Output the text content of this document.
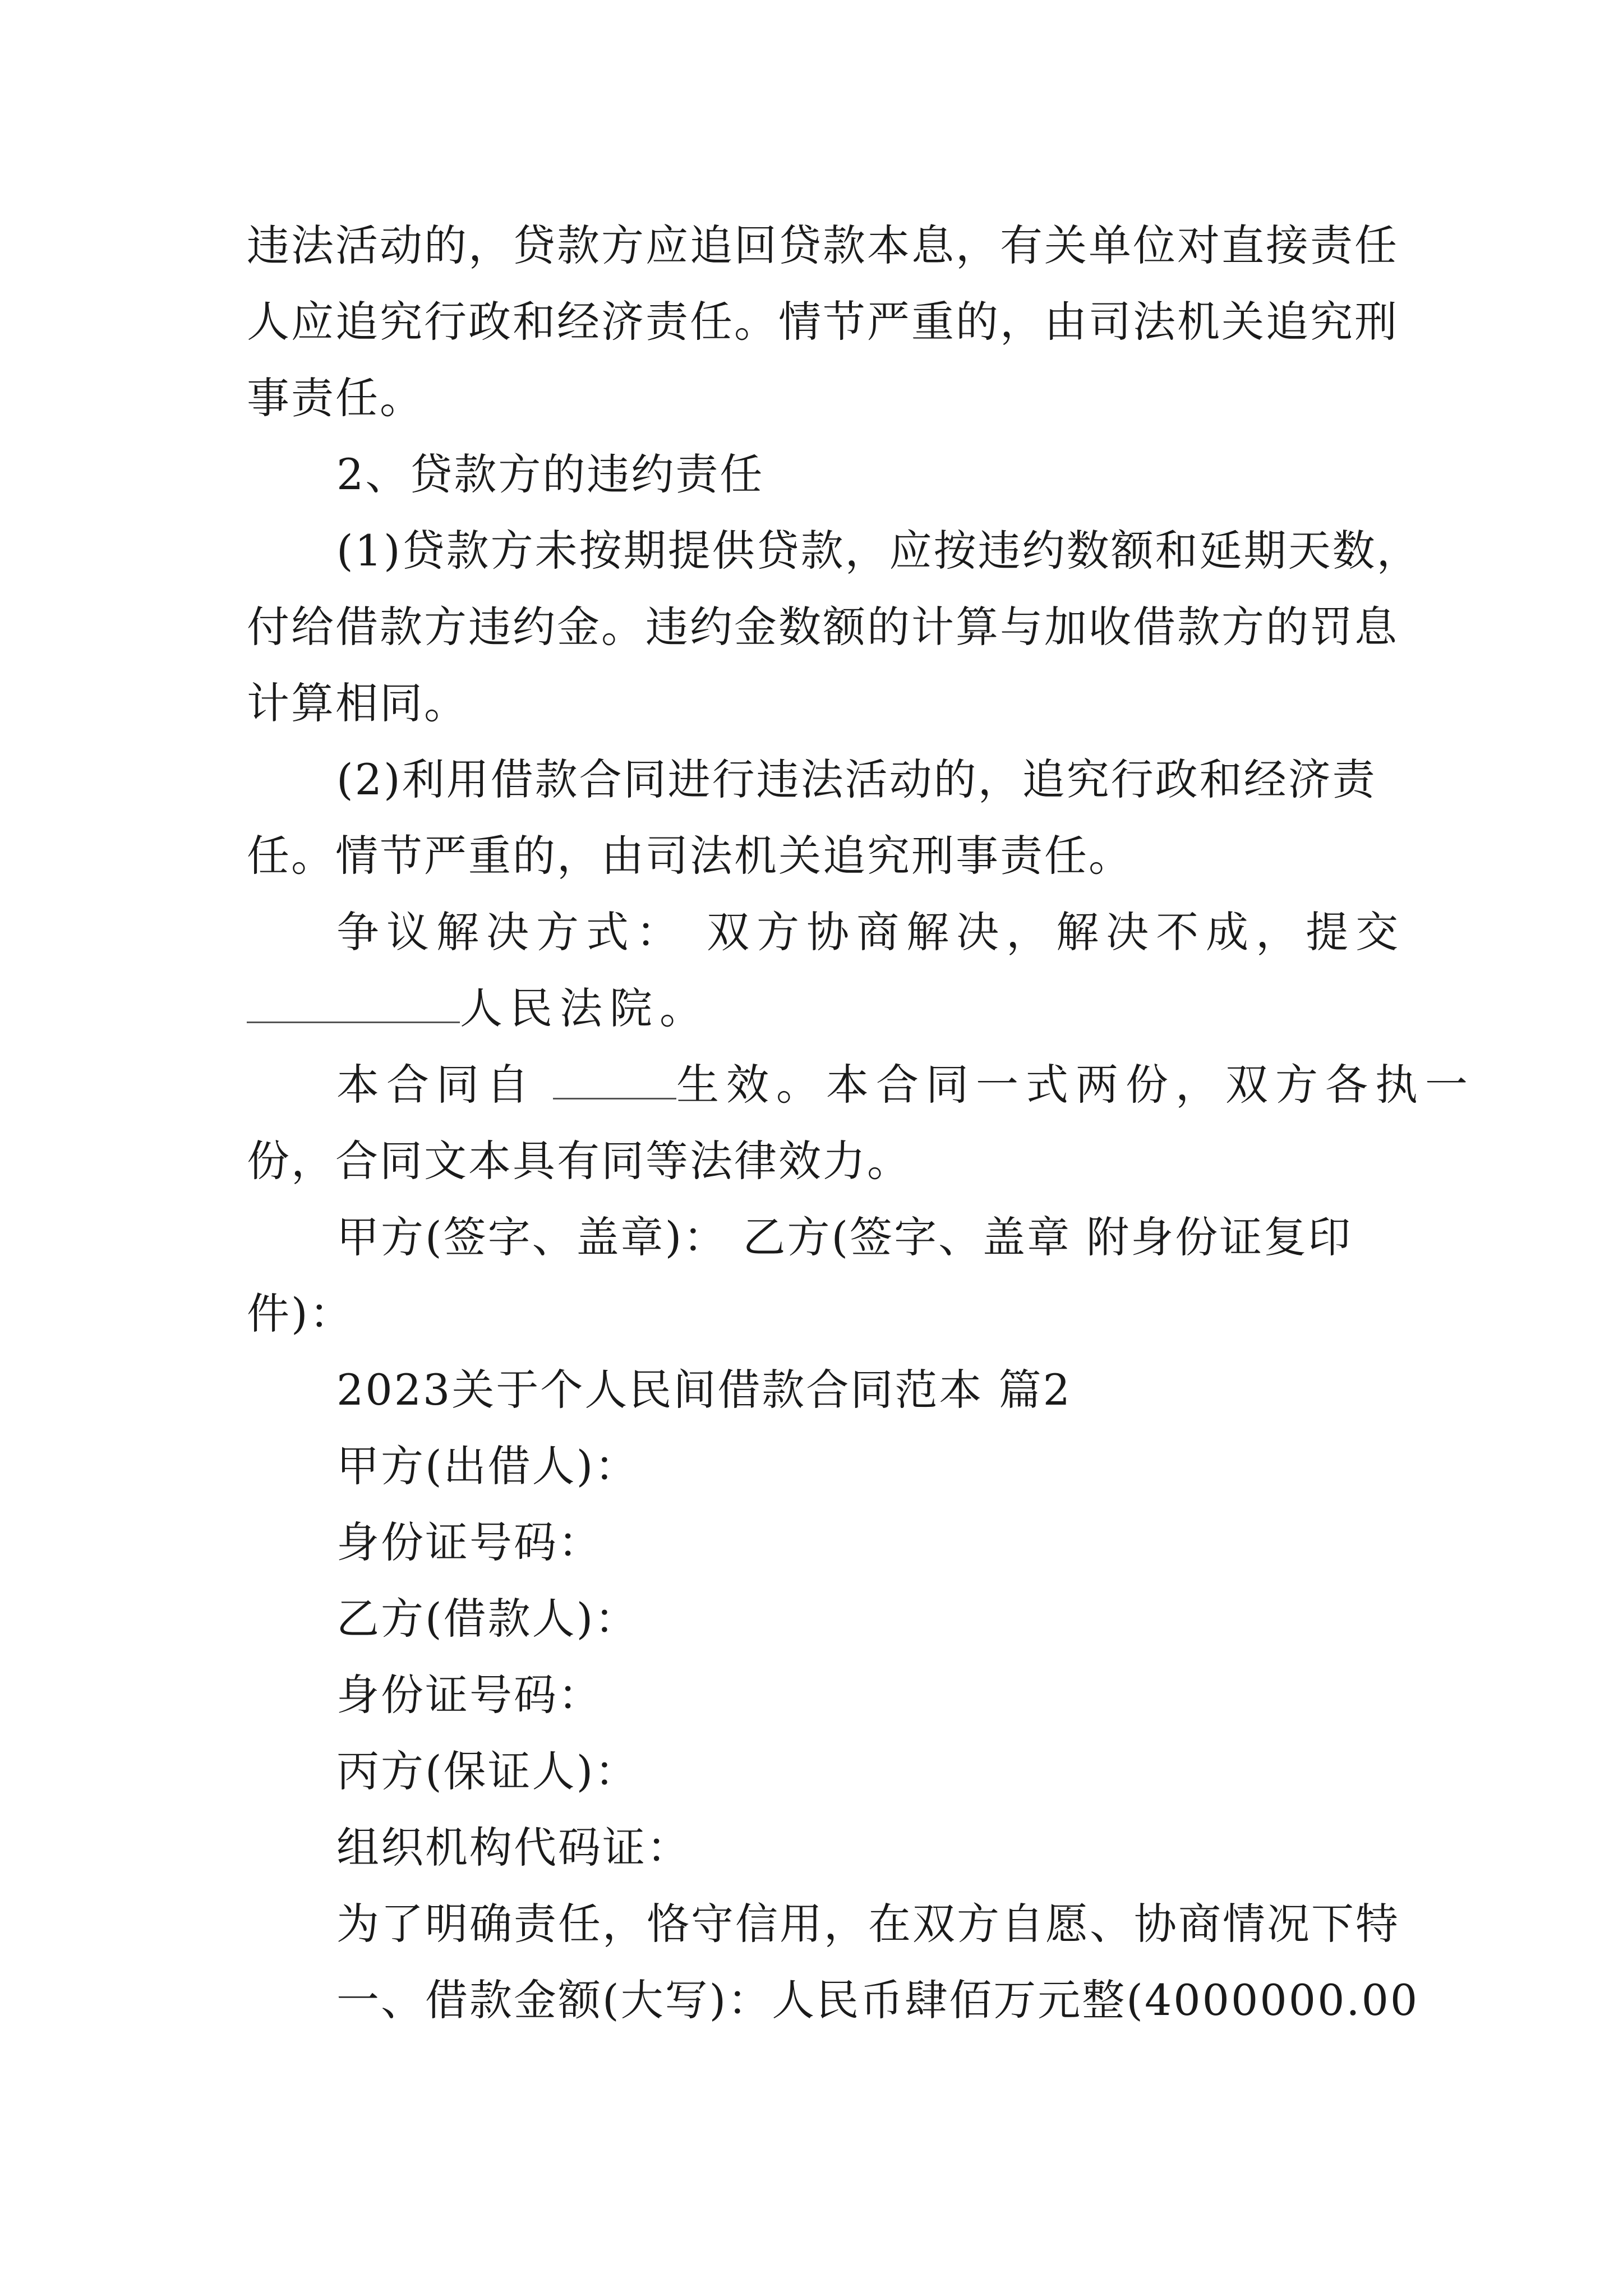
违法活动的，贷款方应追回贷款本息，有关单位对直接责任
人应追究行政和经济责任。情节严重的，由司法机关追究刑
事责任。
2、贷款方的违约责任
(1)贷款方未按期提供贷款，应按违约数额和延期天数，
付给借款方违约金。违约金数额的计算与加收借款方的罚息
计算相同。
(2)利用借款合同进行违法活动的，追究行政和经济责
任。情节严重的，由司法机关追究刑事责任。
争议解决方式： 双方协商解决，解决不成，提交
人民法院。
本合同自	生效。本合同一式两份，双方各执一
份，合同文本具有同等法律效力。
甲方(签字、盖章)： 乙方(签字、盖章 附身份证复印
件)：
2023关于个人民间借款合同范本 篇2
甲方(出借人)：
身份证号码：
乙方(借款人)：
身份证号码：
丙方(保证人)：
组织机构代码证：
为了明确责任，恪守信用，在双方自愿、协商情况下特
一、借款金额(大写)：人民币肆佰万元整(4000000.00
